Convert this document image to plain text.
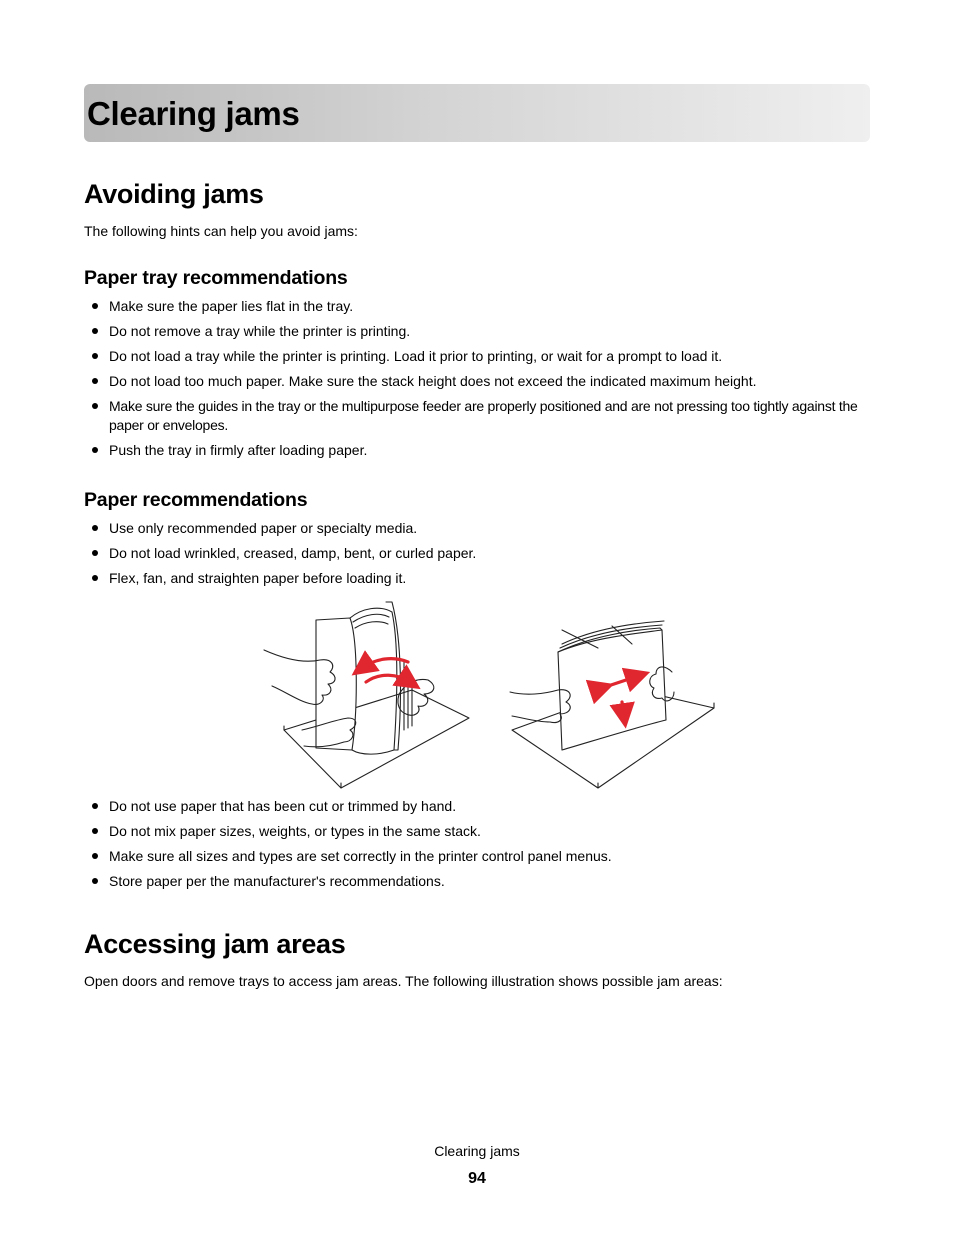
Clearing jams
Avoiding jams

The following hints can help you avoid jams:

Paper tray recommendations
Make sure the paper lies flat in the tray.
Do not remove a tray while the printer is printing.
Do not load a tray while the printer is printing. Load it prior to printing, or wait for a prompt to load it.
Do not load too much paper. Make sure the stack height does not exceed the indicated maximum height.
Make sure the guides in the tray or the multipurpose feeder are properly positioned and are not pressing too tightly against the paper or envelopes.
Push the tray in firmly after loading paper.
Paper recommendations
Use only recommended paper or specialty media.
Do not load wrinkled, creased, damp, bent, or curled paper.
Flex, fan, and straighten paper before loading it.
Do not use paper that has been cut or trimmed by hand.
Do not mix paper sizes, weights, or types in the same stack.
Make sure all sizes and types are set correctly in the printer control panel menus.
Store paper per the manufacturer's recommendations.
Accessing jam areas

Open doors and remove trays to access jam areas. The following illustration shows possible jam areas:

Clearing jams
94
